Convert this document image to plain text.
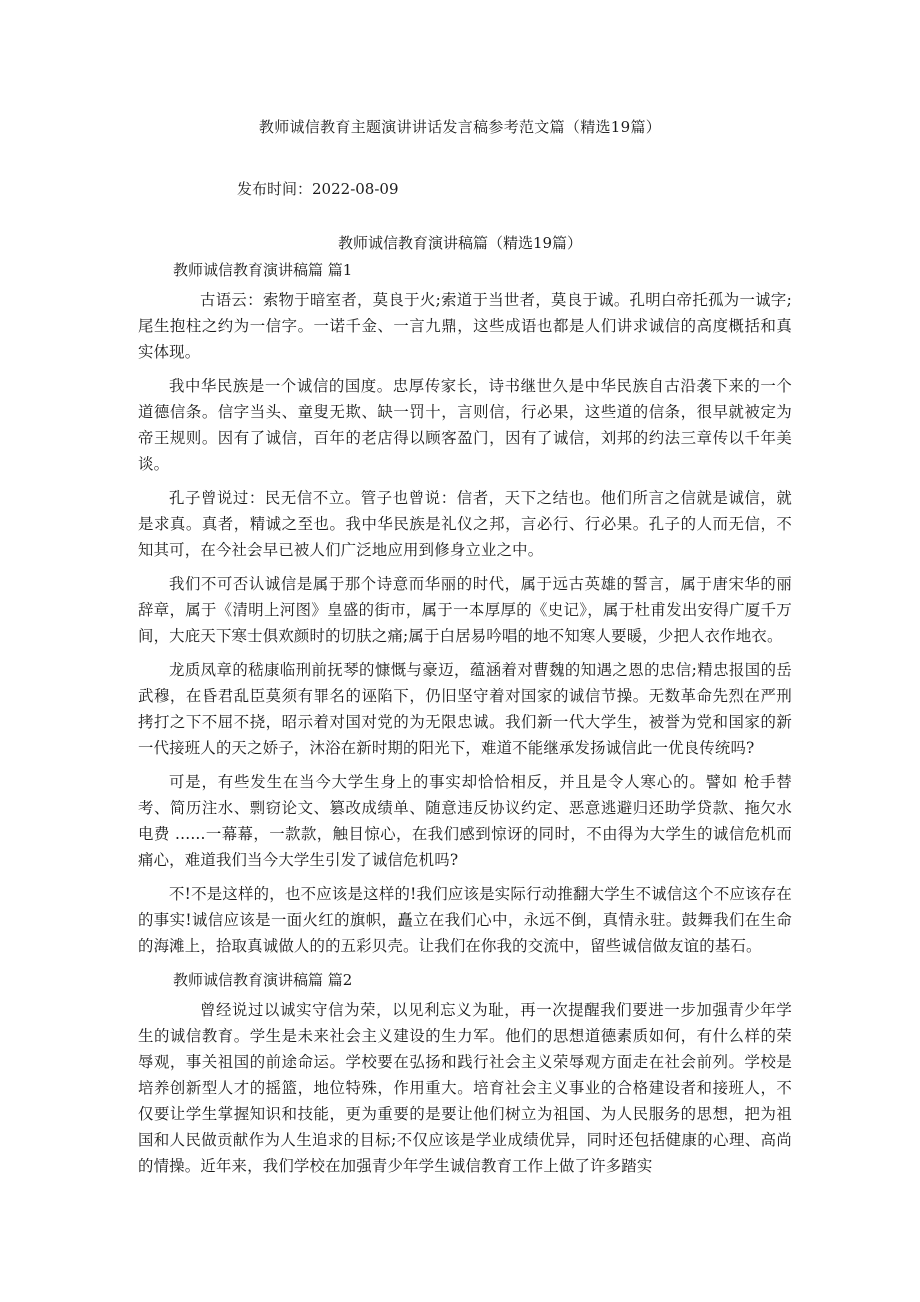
教师诚信教育主题演讲讲话发言稿参考范文篇（精选19篇）
发布时间：2022-08-09
教师诚信教育演讲稿篇（精选19篇）

教师诚信教育演讲稿篇 篇1

古语云：索物于暗室者，莫良于火;索道于当世者，莫良于诚。孔明白帝托孤为一诚字;尾生抱柱之约为一信字。一诺千金、一言九鼎，这些成语也都是人们讲求诚信的高度概括和真实体现。

我中华民族是一个诚信的国度。忠厚传家长，诗书继世久是中华民族自古沿袭下来的一个道德信条。信字当头、童叟无欺、缺一罚十，言则信，行必果，这些道的信条，很早就被定为帝王规则。因有了诚信，百年的老店得以顾客盈门，因有了诚信，刘邦的约法三章传以千年美谈。

孔子曾说过：民无信不立。管子也曾说：信者，天下之结也。他们所言之信就是诚信，就是求真。真者，精诚之至也。我中华民族是礼仪之邦，言必行、行必果。孔子的人而无信，不知其可，在今社会早已被人们广泛地应用到修身立业之中。

我们不可否认诚信是属于那个诗意而华丽的时代，属于远古英雄的誓言，属于唐宋华的丽辞章，属于《清明上河图》皇盛的街市，属于一本厚厚的《史记》，属于杜甫发出安得广厦千万间，大庇天下寒士俱欢颜时的切肤之痛;属于白居易吟唱的地不知寒人要暖，少把人衣作地衣。

龙质凤章的嵇康临刑前抚琴的慷慨与豪迈，蕴涵着对曹魏的知遇之恩的忠信;精忠报国的岳武穆，在昏君乱臣莫须有罪名的诬陷下，仍旧坚守着对国家的诚信节操。无数革命先烈在严刑拷打之下不屈不挠，昭示着对国对党的为无限忠诚。我们新一代大学生，被誉为党和国家的新一代接班人的天之娇子，沐浴在新时期的阳光下，难道不能继承发扬诚信此一优良传统吗?

可是，有些发生在当今大学生身上的事实却恰恰相反，并且是令人寒心的。譬如 枪手替考、简历注水、剽窃论文、篡改成绩单、随意违反协议约定、恶意逃避归还助学贷款、拖欠水电费 ......一幕幕，一款款，触目惊心，在我们感到惊讶的同时，不由得为大学生的诚信危机而痛心，难道我们当今大学生引发了诚信危机吗?

不!不是这样的，也不应该是这样的!我们应该是实际行动推翻大学生不诚信这个不应该存在的事实!诚信应该是一面火红的旗帜，矗立在我们心中，永远不倒，真情永驻。鼓舞我们在生命的海滩上，拾取真诚做人的的五彩贝壳。让我们在你我的交流中，留些诚信做友谊的基石。

教师诚信教育演讲稿篇 篇2

曾经说过以诚实守信为荣，以见利忘义为耻，再一次提醒我们要进一步加强青少年学生的诚信教育。学生是未来社会主义建设的生力军。他们的思想道德素质如何，有什么样的荣辱观，事关祖国的前途命运。学校要在弘扬和践行社会主义荣辱观方面走在社会前列。学校是培养创新型人才的摇篮，地位特殊，作用重大。培育社会主义事业的合格建设者和接班人，不仅要让学生掌握知识和技能，更为重要的是要让他们树立为祖国、为人民服务的思想，把为祖国和人民做贡献作为人生追求的目标;不仅应该是学业成绩优异，同时还包括健康的心理、高尚的情操。近年来，我们学校在加强青少年学生诚信教育工作上做了许多踏实
